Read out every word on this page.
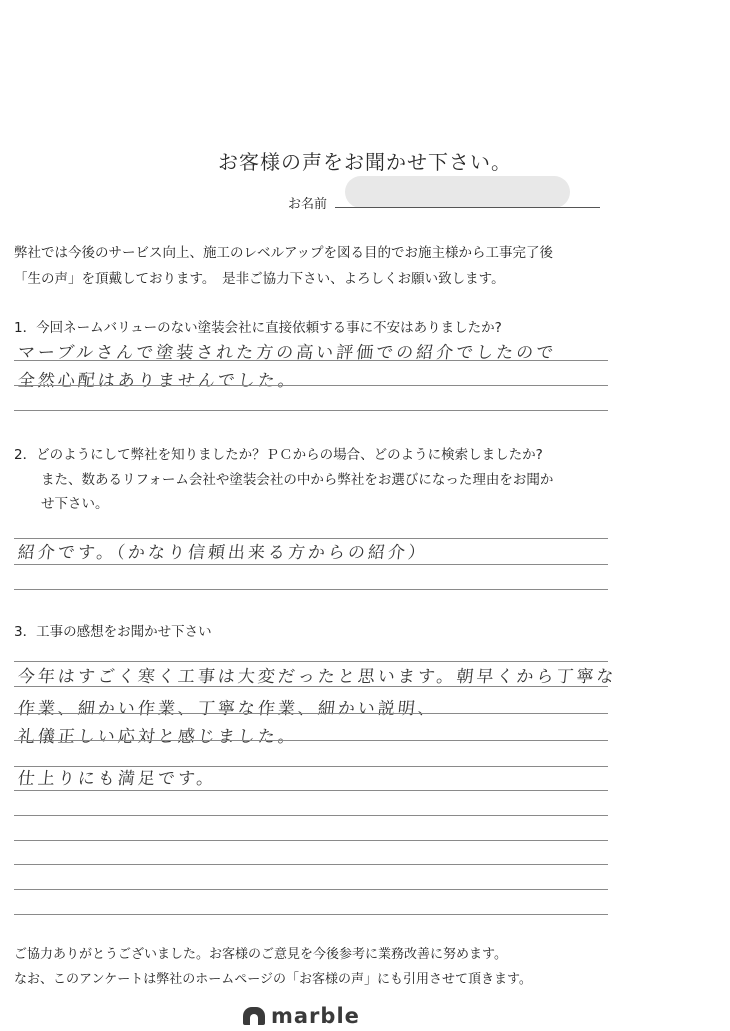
お客様の声をお聞かせ下さい。
お名前
弊社では今後のサービス向上、施工のレベルアップを図る目的でお施主様から工事完了後
「生の声」を頂戴しております。　是非ご協力下さい、よろしくお願い致します。
1．今回ネームバリューのない塗装会社に直接依頼する事に不安はありましたか?
マーブルさんで塗装された方の高い評価での紹介でしたので
全然心配はありませんでした。
2．どのようにして弊社を知りましたか？ＰＣからの場合、どのように検索しましたか?
　　また、数あるリフォーム会社や塗装会社の中から弊社をお選びになった理由をお聞か
　　せ下さい。
紹介です。（かなり信頼出来る方からの紹介）
3．工事の感想をお聞かせ下さい
今年はすごく寒く工事は大変だったと思います。朝早くから丁寧な
作業、細かい作業、丁寧な作業、細かい説明、
礼儀正しい応対と感じました。
仕上りにも満足です。
ご協力ありがとうございました。お客様のご意見を今後参考に業務改善に努めます。
なお、このアンケートは弊社のホームページの「お客様の声」にも引用させて頂きます。
marble
